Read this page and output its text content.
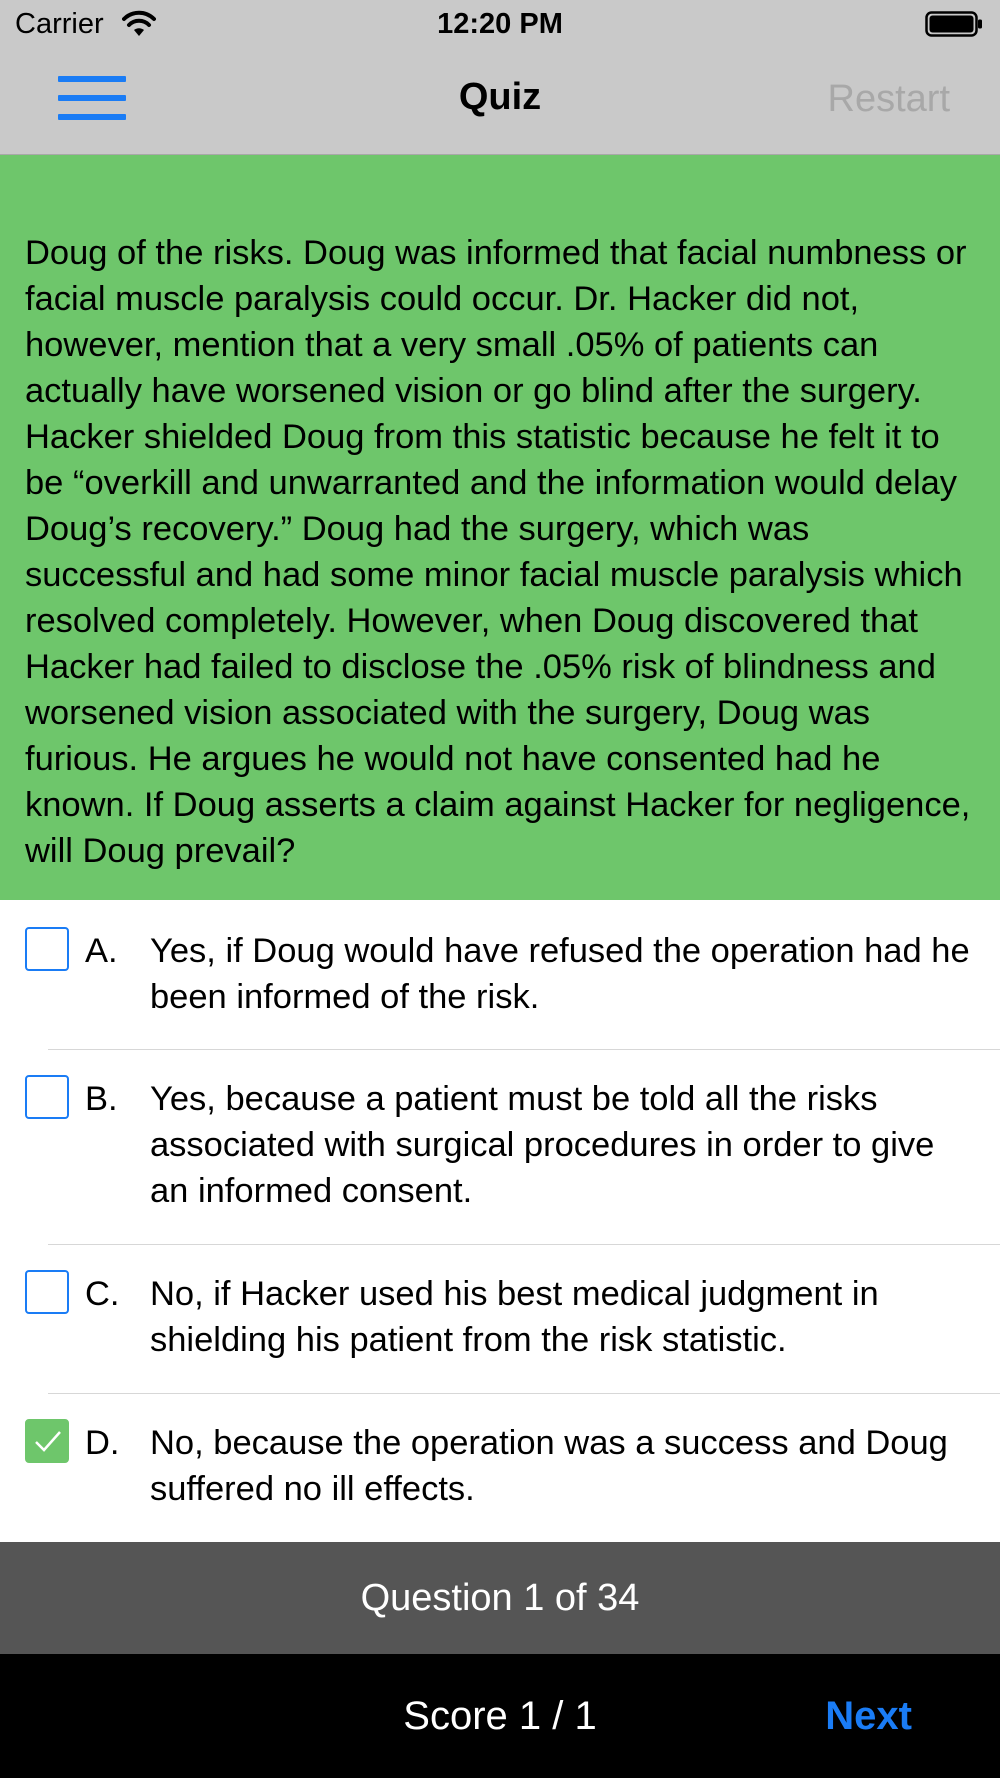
Carrier	12:20 PM
Quiz	Restart
Doug of the risks. Doug was informed that facial numbness or facial muscle paralysis could occur. Dr. Hacker did not, however, mention that a very small .05% of patients can actually have worsened vision or go blind after the surgery. Hacker shielded Doug from this statistic because he felt it to be “overkill and unwarranted and the information would delay Doug’s recovery.” Doug had the surgery, which was successful and had some minor facial muscle paralysis which resolved completely. However, when Doug discovered that Hacker had failed to disclose the .05% risk of blindness and worsened vision associated with the surgery, Doug was furious. He argues he would not have consented had he known. If Doug asserts a claim against Hacker for negligence, will Doug prevail?
A. Yes, if Doug would have refused the operation had he been informed of the risk.
B. Yes, because a patient must be told all the risks associated with surgical procedures in order to give an informed consent.
C. No, if Hacker used his best medical judgment in shielding his patient from the risk statistic.
D. No, because the operation was a success and Doug suffered no ill effects.
Question 1 of 34
Score 1 / 1	Next
